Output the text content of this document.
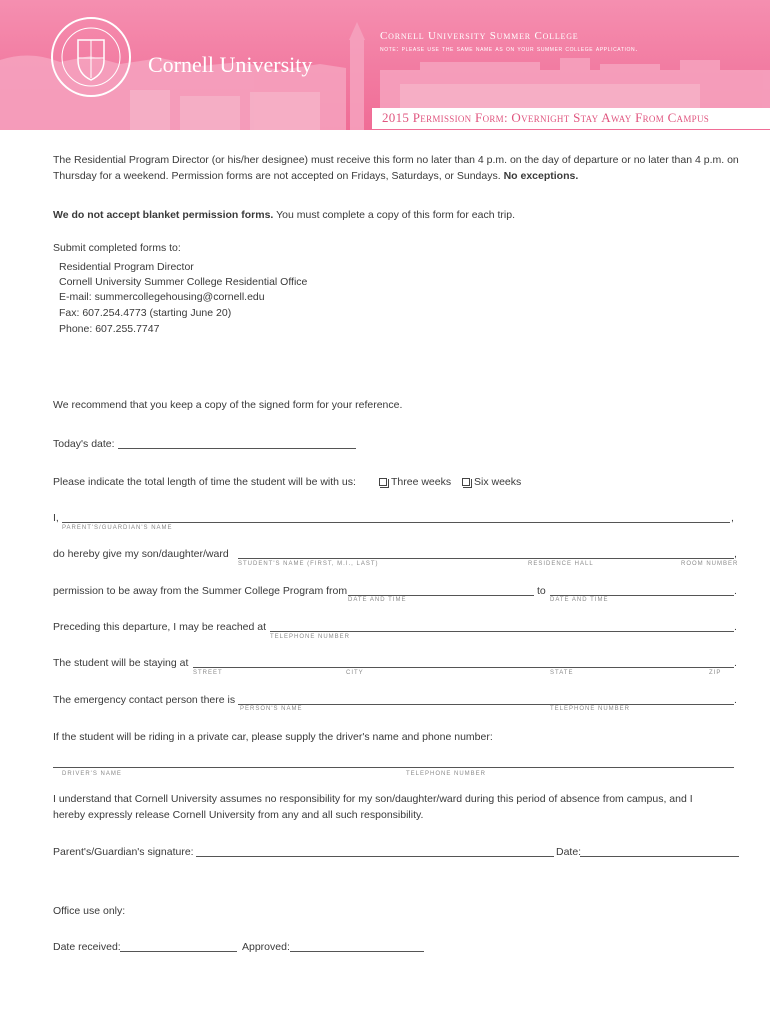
Cornell University
Cornell University Summer College
note: please use the same name as on your summer college application.
2015 Permission Form: Overnight Stay Away From Campus
The Residential Program Director (or his/her designee) must receive this form no later than 4 p.m. on the day of departure or no later than 4 p.m. on Thursday for a weekend. Permission forms are not accepted on Fridays, Saturdays, or Sundays. No exceptions.
We do not accept blanket permission forms. You must complete a copy of this form for each trip.
Submit completed forms to:
Residential Program Director
Cornell University Summer College Residential Office
E-mail: summercollegehousing@cornell.edu
Fax: 607.254.4773 (starting June 20)
Phone: 607.255.7747
We recommend that you keep a copy of the signed form for your reference.
Today's date:
Please indicate the total length of time the student will be with us:	Three weeks	Six weeks
I,	,
PARENT'S/GUARDIAN'S NAME
do hereby give my son/daughter/ward	,
STUDENT'S NAME (FIRST, M.I., LAST)	RESIDENCE HALL	ROOM NUMBER
permission to be away from the Summer College Program from	to	.
DATE AND TIME	DATE AND TIME
Preceding this departure, I may be reached at	.
TELEPHONE NUMBER
The student will be staying at	.
STREET	CITY	STATE	ZIP
The emergency contact person there is	.
PERSON'S NAME	TELEPHONE NUMBER
If the student will be riding in a private car, please supply the driver's name and phone number:
DRIVER'S NAME	TELEPHONE NUMBER
I understand that Cornell University assumes no responsibility for my son/daughter/ward during this period of absence from campus, and I hereby expressly release Cornell University from any and all such responsibility.
Parent's/Guardian's signature:	Date:
Office use only:
Date received:	Approved:
